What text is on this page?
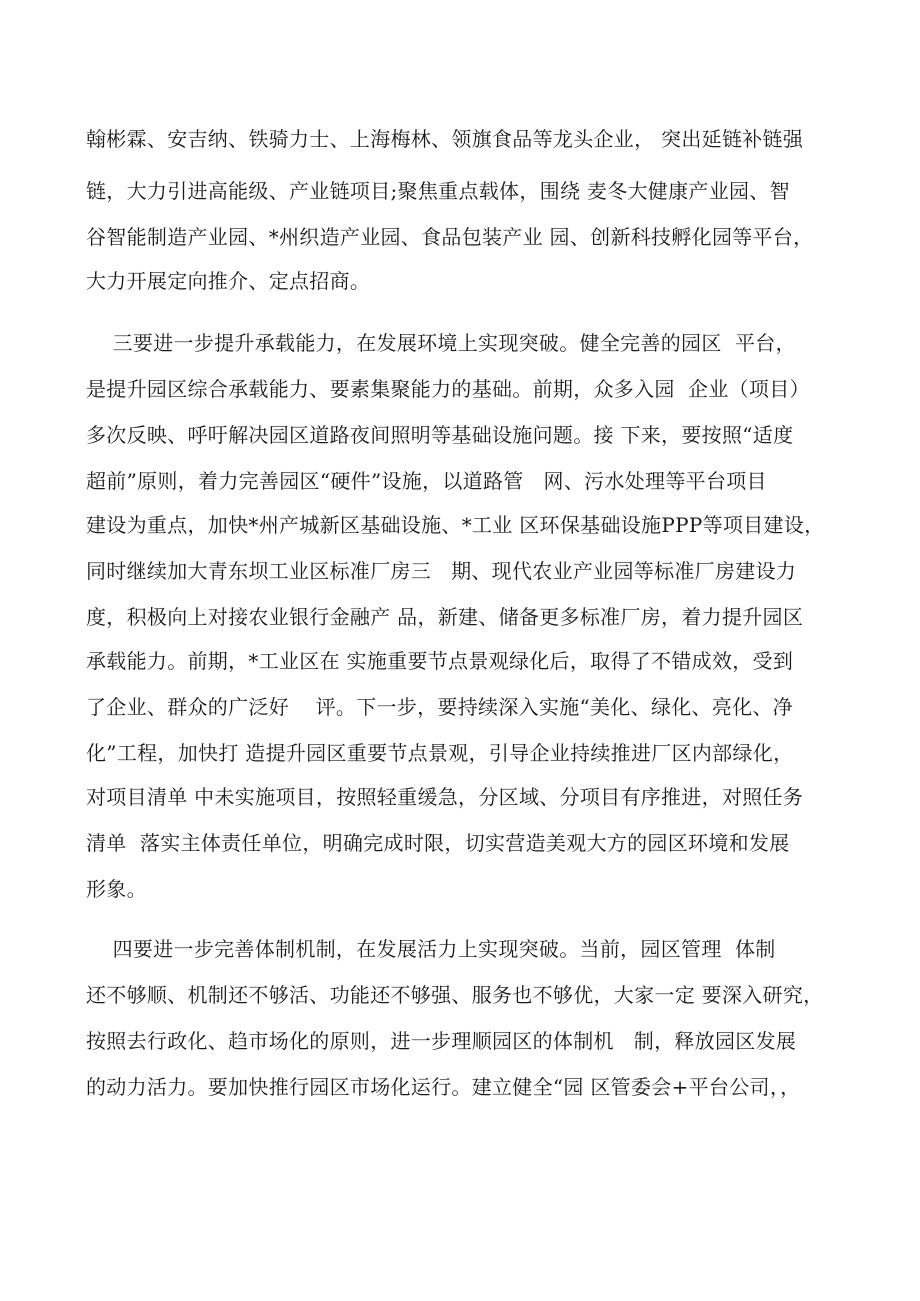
翰彬霖、安吉纳、铁骑力士、上海梅林、领旗食品等龙头企业， 突出延链补链强
链，大力引进高能级、产业链项目;聚焦重点载体，围绕 麦冬大健康产业园、智
谷智能制造产业园、*州织造产业园、食品包装产业 园、创新科技孵化园等平台，
大力开展定向推介、定点招商。
三要进一步提升承载能力，在发展环境上实现突破。健全完善的园区  平台，
是提升园区综合承载能力、要素集聚能力的基础。前期，众多入园  企业（项目）
多次反映、呼吁解决园区道路夜间照明等基础设施问题。接 下来，要按照“适度
超前”原则，着力完善园区“硬件”设施，以道路管   网、污水处理等平台项目
建设为重点，加快*州产城新区基础设施、*工业 区环保基础设施PPP等项目建设，
同时继续加大青东坝工业区标准厂房三   期、现代农业产业园等标准厂房建设力
度，积极向上对接农业银行金融产 品，新建、储备更多标准厂房，着力提升园区
承载能力。前期，*工业区在 实施重要节点景观绿化后，取得了不错成效，受到
了企业、群众的广泛好    评。下一步，要持续深入实施“美化、绿化、亮化、净
化”工程，加快打 造提升园区重要节点景观，引导企业持续推进厂区内部绿化，
对项目清单 中未实施项目，按照轻重缓急，分区域、分项目有序推进，对照任务
清单  落实主体责任单位，明确完成时限，切实营造美观大方的园区环境和发展
形象。
四要进一步完善体制机制，在发展活力上实现突破。当前，园区管理  体制
还不够顺、机制还不够活、功能还不够强、服务也不够优，大家一定 要深入研究，
按照去行政化、趋市场化的原则，进一步理顺园区的体制机   制，释放园区发展
的动力活力。要加快推行园区市场化运行。建立健全“园 区管委会+平台公司，，
